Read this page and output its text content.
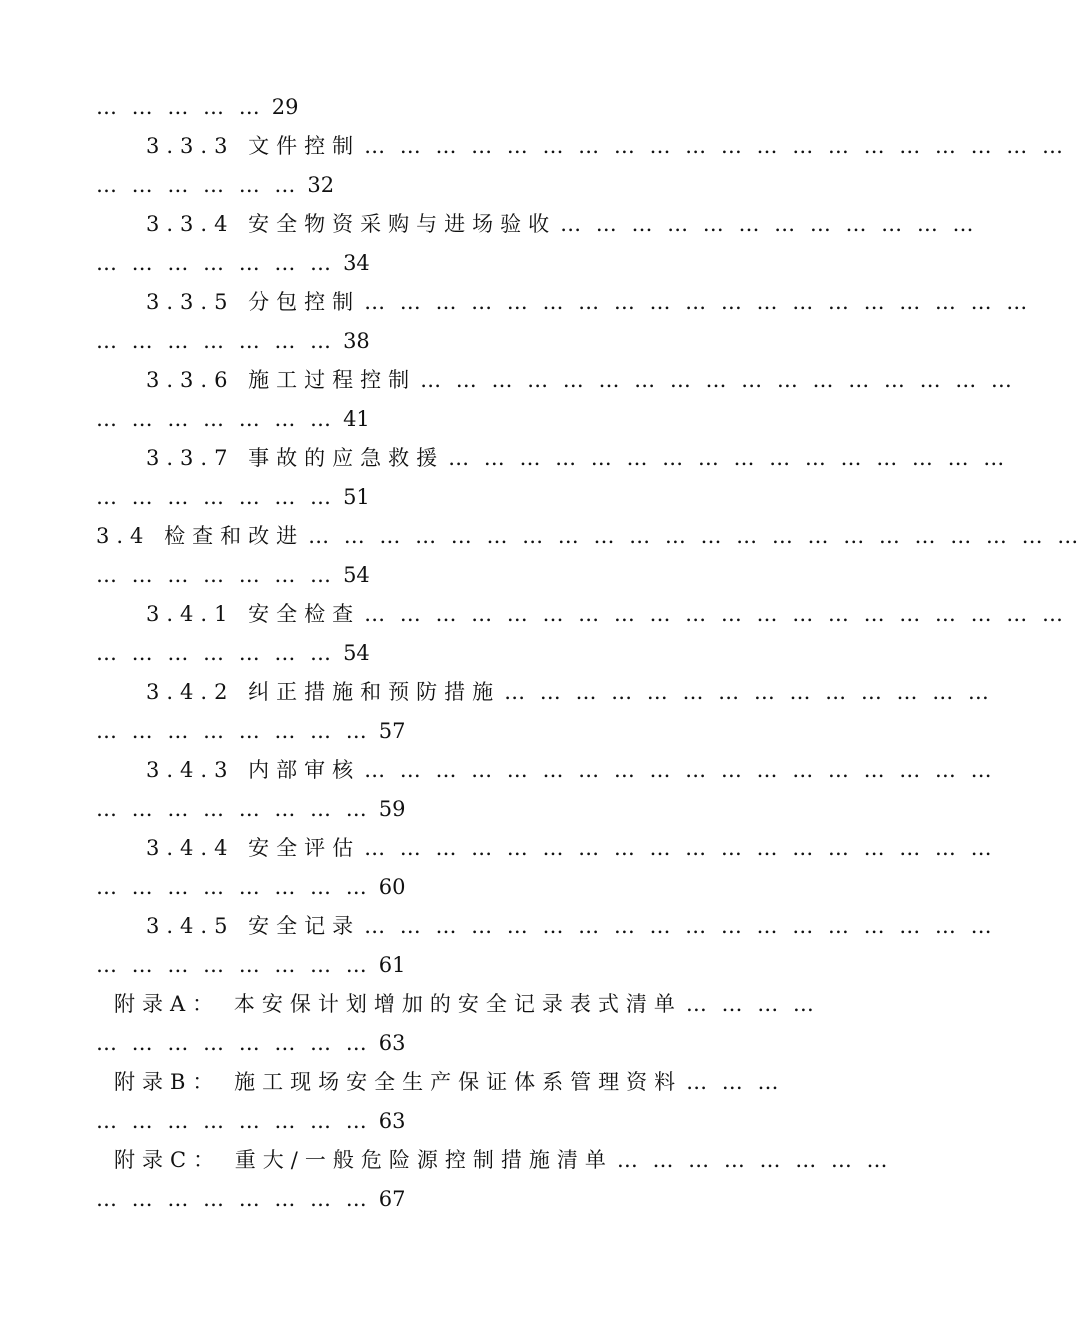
… … … … … 29
3.3.3 文件控制 … … … … … … … … … … … … … … … … … … … …
… … … … … … 32
3.3.4 安全物资采购与进场验收 … … … … … … … … … … … …
… … … … … … … 34
3.3.5 分包控制 … … … … … … … … … … … … … … … … … … …
… … … … … … … 38
3.3.6 施工过程控制 … … … … … … … … … … … … … … … … …
… … … … … … … 41
3.3.7 事故的应急救援 … … … … … … … … … … … … … … … …
… … … … … … … 51
3.4 检查和改进 … … … … … … … … … … … … … … … … … … … … … …
… … … … … … … 54
3.4.1 安全检查 … … … … … … … … … … … … … … … … … … … …
… … … … … … … 54
3.4.2 纠正措施和预防措施 … … … … … … … … … … … … … …
… … … … … … … … 57
3.4.3 内部审核 … … … … … … … … … … … … … … … … … …
… … … … … … … … 59
3.4.4 安全评估 … … … … … … … … … … … … … … … … … …
… … … … … … … … 60
3.4.5 安全记录 … … … … … … … … … … … … … … … … … …
… … … … … … … … 61
附录A： 本安保计划增加的安全记录表式清单 … … … …
… … … … … … … … 63
附录B： 施工现场安全生产保证体系管理资料 … … …
… … … … … … … … 63
附录C： 重大/一般危险源控制措施清单 … … … … … … … …
… … … … … … … … 67
